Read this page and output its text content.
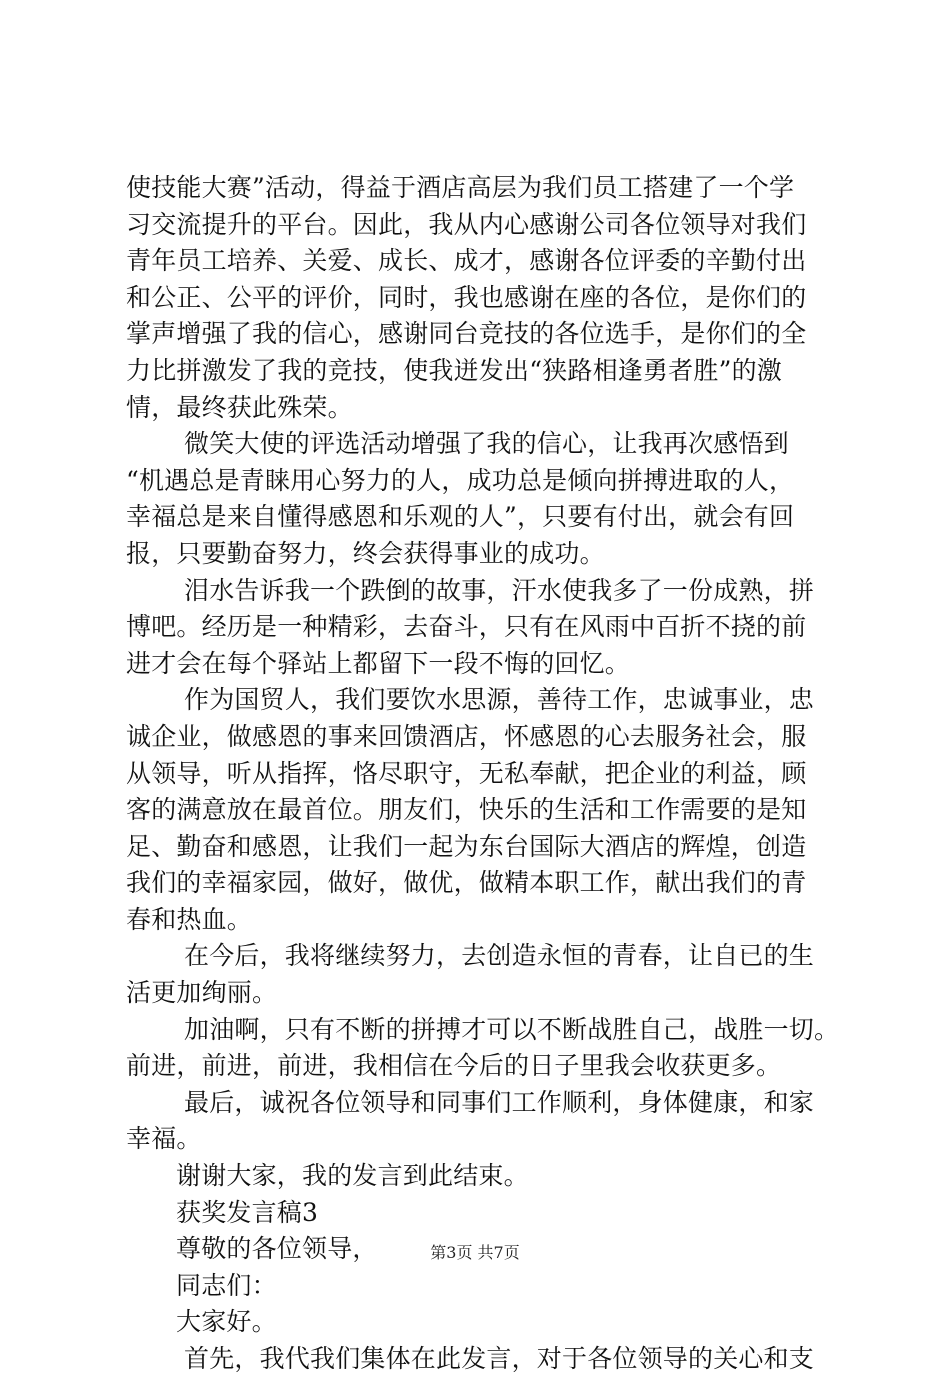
使技能大赛”活动，得益于酒店高层为我们员工搭建了一个学
习交流提升的平台。因此，我从内心感谢公司各位领导对我们
青年员工培养、关爱、成长、成才，感谢各位评委的辛勤付出
和公正、公平的评价，同时，我也感谢在座的各位，是你们的
掌声增强了我的信心，感谢同台竞技的各位选手，是你们的全
力比拼激发了我的竞技，使我迸发出“狭路相逢勇者胜”的激
情，最终获此殊荣。
微笑大使的评选活动增强了我的信心，让我再次感悟到
“机遇总是青睐用心努力的人，成功总是倾向拼搏进取的人，
幸福总是来自懂得感恩和乐观的人”，只要有付出，就会有回
报，只要勤奋努力，终会获得事业的成功。
泪水告诉我一个跌倒的故事，汗水使我多了一份成熟，拼
博吧。经历是一种精彩，去奋斗，只有在风雨中百折不挠的前
进才会在每个驿站上都留下一段不悔的回忆。
作为国贸人，我们要饮水思源，善待工作，忠诚事业，忠
诚企业，做感恩的事来回馈酒店，怀感恩的心去服务社会，服
从领导，听从指挥，恪尽职守，无私奉献，把企业的利益，顾
客的满意放在最首位。朋友们，快乐的生活和工作需要的是知
足、勤奋和感恩，让我们一起为东台国际大酒店的辉煌，创造
我们的幸福家园，做好，做优，做精本职工作，献出我们的青
春和热血。
在今后，我将继续努力，去创造永恒的青春，让自已的生
活更加绚丽。
加油啊，只有不断的拼搏才可以不断战胜自己，战胜一切。
前进，前进，前进，我相信在今后的日子里我会收获更多。
最后，诚祝各位领导和同事们工作顺利，身体健康，和家
幸福。
谢谢大家，我的发言到此结束。
获奖发言稿3
尊敬的各位领导，
同志们：
大家好。
首先，我代我们集体在此发言，对于各位领导的关心和支
第3页 共7页
